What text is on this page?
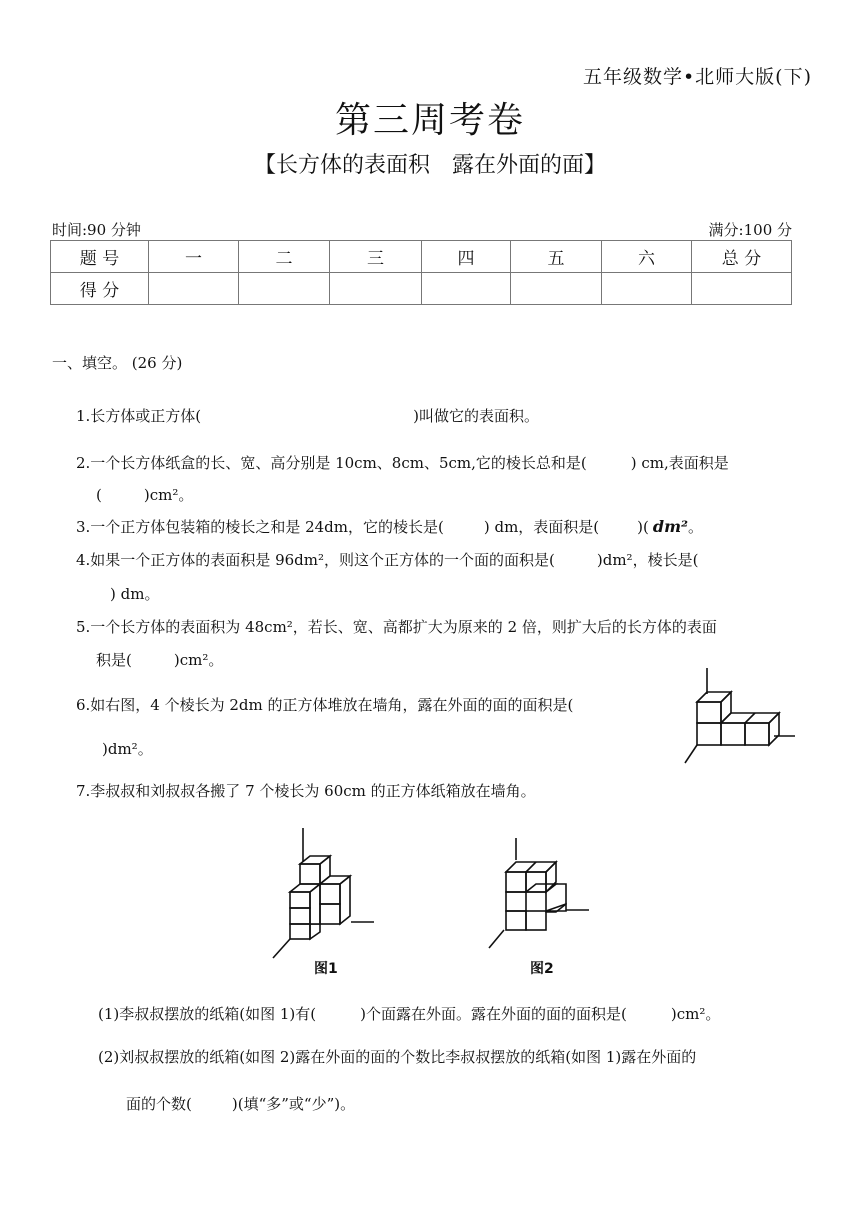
五年级数学•北师大版(下)
第三周考卷
【长方体的表面积　露在外面的面】
时间:90 分钟	满分:100 分
题 号	一	二	三	四	五	六	总 分
得 分							
一、填空。 (26 分)
1.长方体或正方体(	)叫做它的表面积。
2.一个长方体纸盒的长、宽、高分别是 10cm、8cm、5cm,它的棱长总和是(	) cm,表面积是
(	)cm²。
3.一个正方体包装箱的棱长之和是 24dm，它的棱长是(	) dm，表面积是(	)( dm²。
4.如果一个正方体的表面积是 96dm²，则这个正方体的一个面的面积是(	)dm²，棱长是(
) dm。
5.一个长方体的表面积为 48cm²，若长、宽、高都扩大为原来的 2 倍，则扩大后的长方体的表面
积是(	)cm²。
6.如右图，4 个棱长为 2dm 的正方体堆放在墙角，露在外面的面的面积是(
)dm²。
7.李叔叔和刘叔叔各搬了 7 个棱长为 60cm 的正方体纸箱放在墙角。
图1	图2
(1)李叔叔摆放的纸箱(如图 1)有(	)个面露在外面。露在外面的面的面积是(	)cm²。
(2)刘叔叔摆放的纸箱(如图 2)露在外面的面的个数比李叔叔摆放的纸箱(如图 1)露在外面的
面的个数(	)(填“多”或“少”)。
